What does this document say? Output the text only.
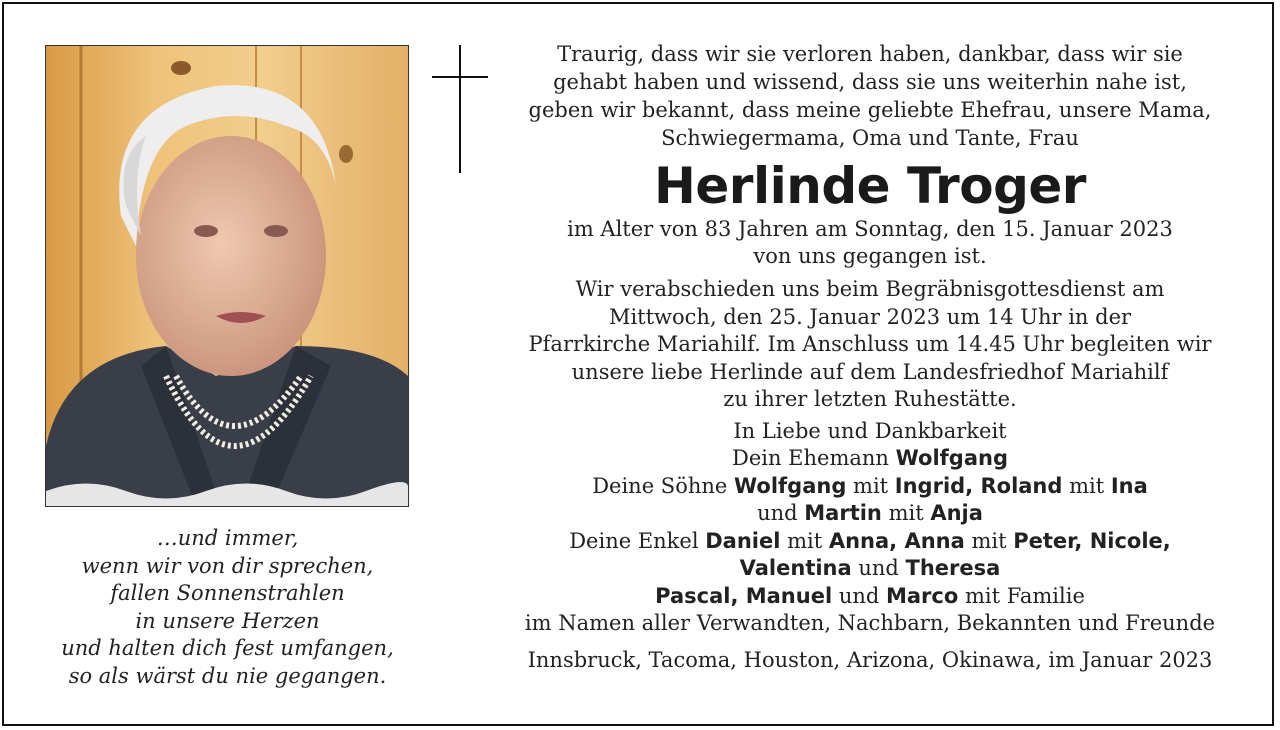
…und immer,
wenn wir von dir sprechen,
fallen Sonnenstrahlen
in unsere Herzen
und halten dich fest umfangen,
so als wärst du nie gegangen.
Traurig, dass wir sie verloren haben, dankbar, dass wir sie
gehabt haben und wissend, dass sie uns weiterhin nahe ist,
geben wir bekannt, dass meine geliebte Ehefrau, unsere Mama,
Schwiegermama, Oma und Tante, Frau
Herlinde Troger
im Alter von 83 Jahren am Sonntag, den 15. Januar 2023
von uns gegangen ist.
Wir verabschieden uns beim Begräbnisgottesdienst am
Mittwoch, den 25. Januar 2023 um 14 Uhr in der
Pfarrkirche Mariahilf. Im Anschluss um 14.45 Uhr begleiten wir
unsere liebe Herlinde auf dem Landesfriedhof Mariahilf
zu ihrer letzten Ruhestätte.
In Liebe und Dankbarkeit
Dein Ehemann Wolfgang
Deine Söhne Wolfgang mit Ingrid, Roland mit Ina
und Martin mit Anja
Deine Enkel Daniel mit Anna, Anna mit Peter, Nicole,
Valentina und Theresa
Pascal, Manuel und Marco mit Familie
im Namen aller Verwandten, Nachbarn, Bekannten und Freunde
Innsbruck, Tacoma, Houston, Arizona, Okinawa, im Januar 2023
